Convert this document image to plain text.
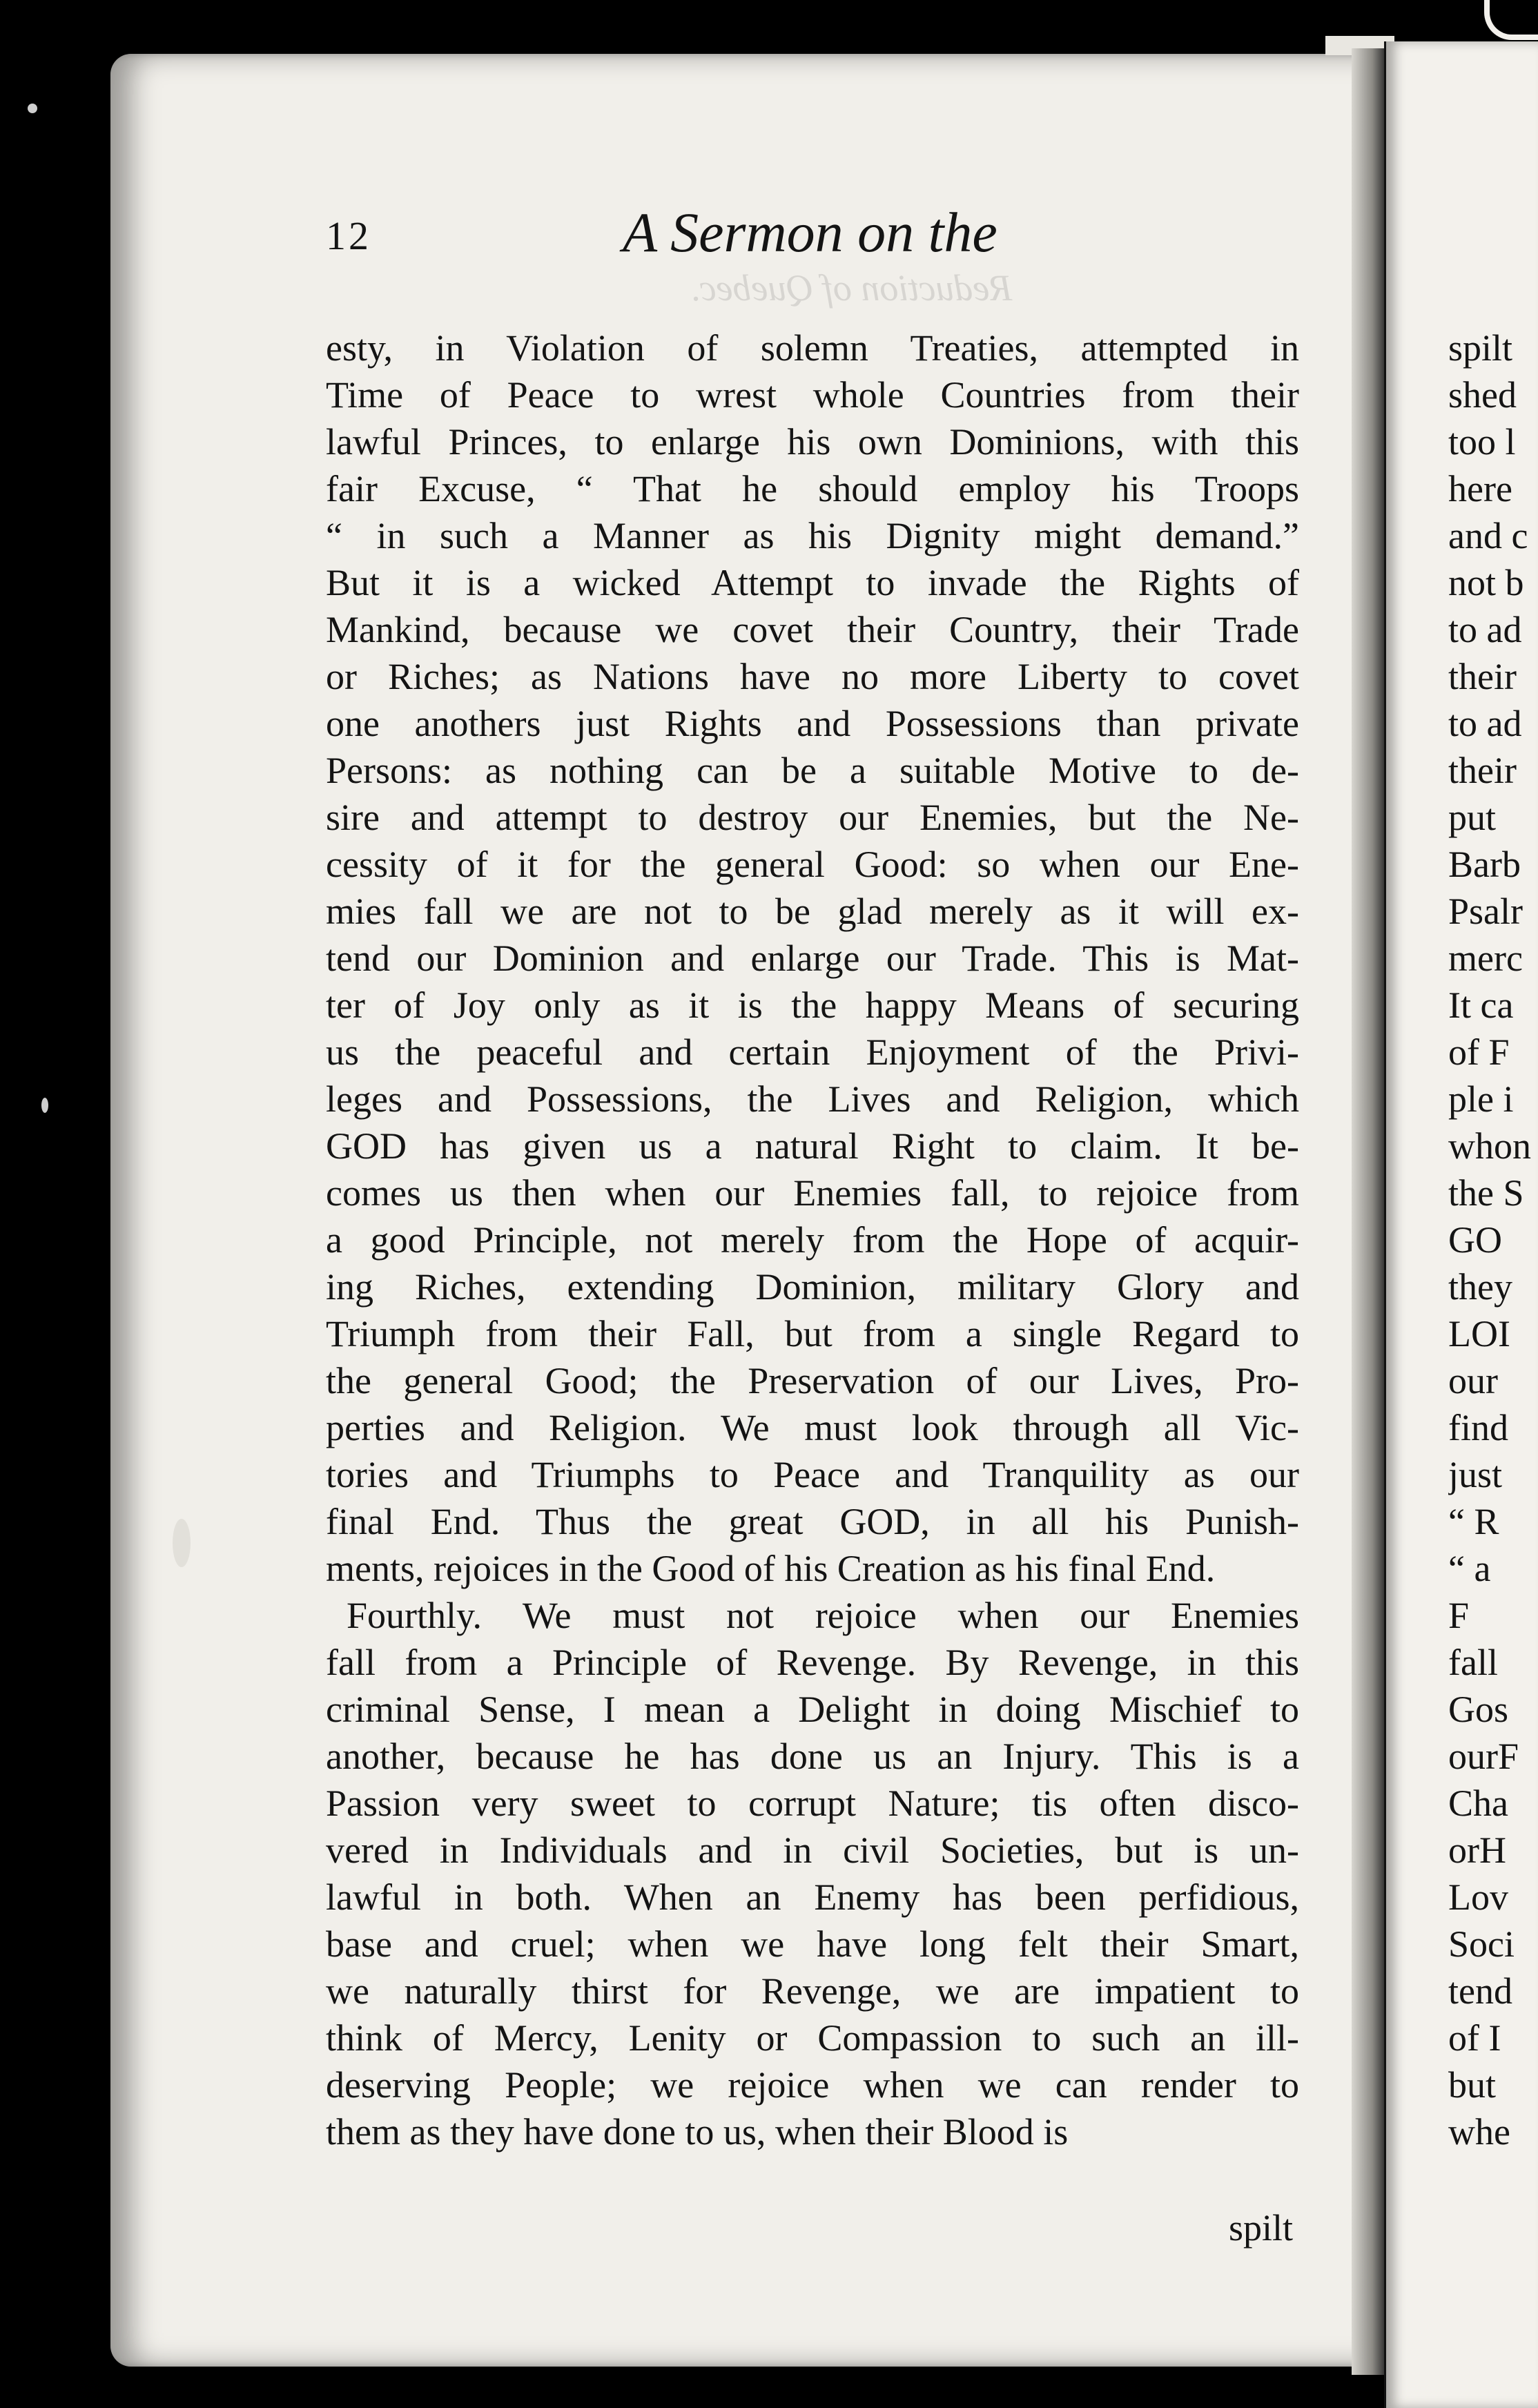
12	A Sermon on the
Reduction of Quebec.
esty, in Violation of solemn Treaties, attempted in
Time of Peace to wrest whole Countries from their
lawful Princes, to enlarge his own Dominions, with this
fair Excuse, “ That he should employ his Troops
“ in such a Manner as his Dignity might demand.”
But it is a wicked Attempt to invade the Rights of
Mankind, because we covet their Country, their Trade
or Riches; as Nations have no more Liberty to covet
one anothers just Rights and Possessions than private
Persons: as nothing can be a suitable Motive to de-
sire and attempt to destroy our Enemies, but the Ne-
cessity of it for the general Good: so when our Ene-
mies fall we are not to be glad merely as it will ex-
tend our Dominion and enlarge our Trade. This is Mat-
ter of Joy only as it is the happy Means of securing
us the peaceful and certain Enjoyment of the Privi-
leges and Possessions, the Lives and Religion, which
GOD has given us a natural Right to claim. It be-
comes us then when our Enemies fall, to rejoice from
a good Principle, not merely from the Hope of acquir-
ing Riches, extending Dominion, military Glory and
Triumph from their Fall, but from a single Regard to
the general Good; the Preservation of our Lives, Pro-
perties and Religion. We must look through all Vic-
tories and Triumphs to Peace and Tranquility as our
final End. Thus the great GOD, in all his Punish-
ments, rejoices in the Good of his Creation as his final End.
Fourthly. We must not rejoice when our Enemies
fall from a Principle of Revenge. By Revenge, in this
criminal Sense, I mean a Delight in doing Mischief to
another, because he has done us an Injury. This is a
Passion very sweet to corrupt Nature; tis often disco-
vered in Individuals and in civil Societies, but is un-
lawful in both. When an Enemy has been perfidious,
base and cruel; when we have long felt their Smart,
we naturally thirst for Revenge, we are impatient to
think of Mercy, Lenity or Compassion to such an ill-
deserving People; we rejoice when we can render to
them as they have done to us, when their Blood is
spilt
spilt
shed
too l
here
and c
not b
to ad
their
to ad
their
put
Barb
Psalr
merc
It ca
of F
ple i
whon
the S
GO
they
LOI
our
find
just
“ R
“ a
F
fall
Gos
ourF
Cha
orH
Lov
Soci
tend
of I
but
whe
